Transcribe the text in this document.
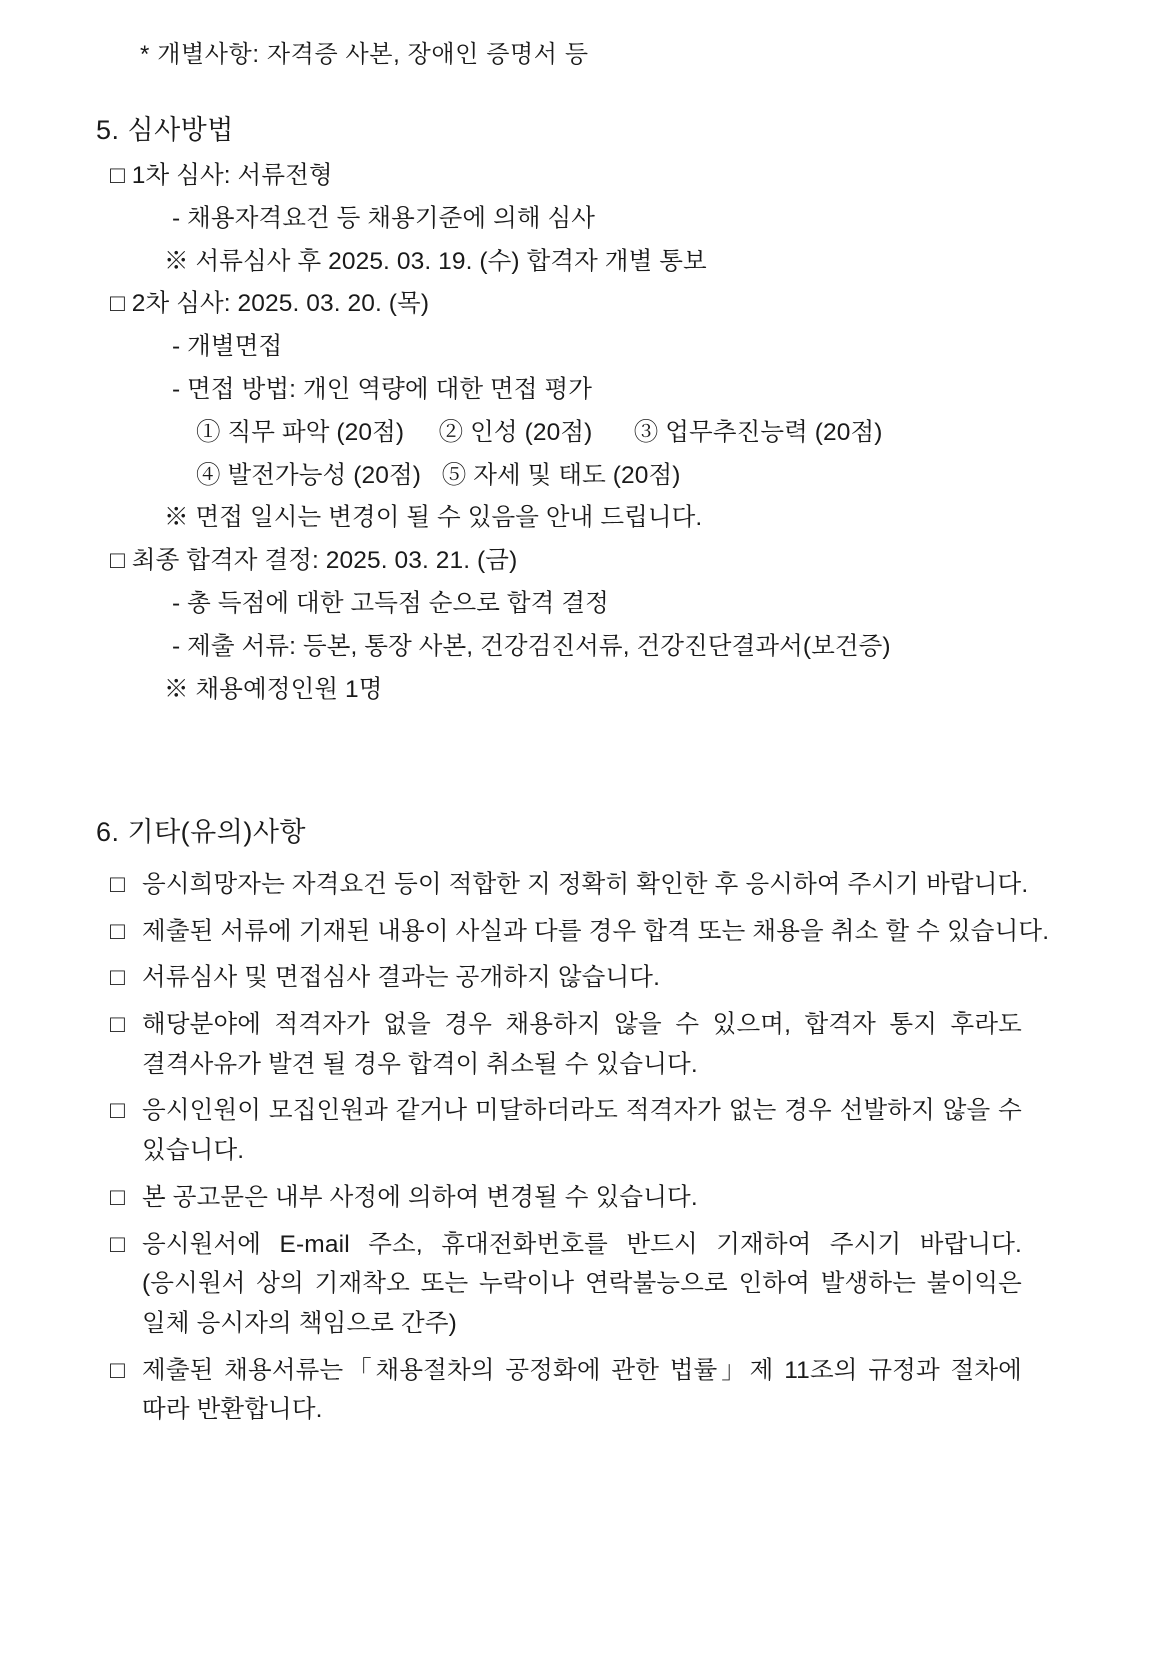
* 개별사항: 자격증 사본, 장애인 증명서 등
5. 심사방법
□ 1차 심사: 서류전형
- 채용자격요건 등 채용기준에 의해 심사
※ 서류심사 후 2025. 03. 19. (수) 합격자 개별 통보
□ 2차 심사: 2025. 03. 20. (목)
- 개별면접
- 면접 방법: 개인 역량에 대한 면접 평가
① 직무 파악 (20점)     ② 인성 (20점)      ③ 업무추진능력 (20점)
④ 발전가능성 (20점)   ⑤ 자세 및 태도 (20점)
※ 면접 일시는 변경이 될 수 있음을 안내 드립니다.
□ 최종 합격자 결정: 2025. 03. 21. (금)
- 총 득점에 대한 고득점 순으로 합격 결정
- 제출 서류: 등본, 통장 사본, 건강검진서류, 건강진단결과서(보건증)
※ 채용예정인원 1명
6. 기타(유의)사항
□ 응시희망자는 자격요건 등이 적합한 지 정확히 확인한 후 응시하여 주시기 바랍니다.
□ 제출된 서류에 기재된 내용이 사실과 다를 경우 합격 또는 채용을 취소 할 수 있습니다.
□ 서류심사 및 면접심사 결과는 공개하지 않습니다.
□ 해당분야에 적격자가 없을 경우 채용하지 않을 수 있으며, 합격자 통지 후라도 결격사유가 발견 될 경우 합격이 취소될 수 있습니다.
□ 응시인원이 모집인원과 같거나 미달하더라도 적격자가 없는 경우 선발하지 않을 수 있습니다.
□ 본 공고문은 내부 사정에 의하여 변경될 수 있습니다.
□ 응시원서에 E-mail 주소, 휴대전화번호를 반드시 기재하여 주시기 바랍니다. (응시원서 상의 기재착오 또는 누락이나 연락불능으로 인하여 발생하는 불이익은 일체 응시자의 책임으로 간주)
□ 제출된 채용서류는「채용절차의 공정화에 관한 법률」제 11조의 규정과 절차에 따라 반환합니다.
